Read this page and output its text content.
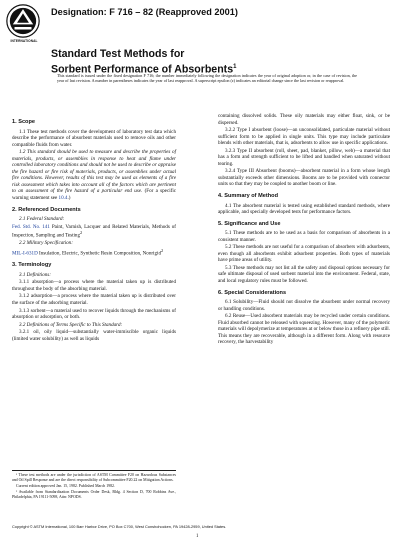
INTERNATIONAL
Designation: F 716 – 82 (Reapproved 2001)
Standard Test Methods for
Sorbent Performance of Absorbents$^1$
This standard is issued under the fixed designation F 716; the number immediately following the designation indicates the year of original adoption or, in the case of revision, the year of last revision. A number in parentheses indicates the year of last reapproval. A superscript epsilon (ε) indicates an editorial change since the last revision or reapproval.
1. Scope

1.1 These test methods cover the development of laboratory test data which describe the performance of absorbent materials used to remove oils and other compatible fluids from water.

1.2 This standard should be used to measure and describe the properties of materials, products, or assemblies in response to heat and flame under controlled laboratory conditions and should not be used to describe or appraise the fire hazard or fire risk of materials, products, or assemblies under actual fire conditions. However, results of this test may be used as elements of a fire risk assessment which takes into account all of the factors which are pertinent to an assessment of the fire hazard of a particular end use. (For a specific warning statement see 10.4.)

2. Referenced Documents

2.1 Federal Standard:

Fed. Std. No. 141 Paint, Varnish, Lacquer and Related Materials, Methods of Inspection, Sampling and Testing$^2$

2.2 Military Specification:

MIL-I-631D Insulation, Electric, Synthetic Resin Composition, Nonrigid$^2$

3. Terminology

3.1 Definitions:

3.1.1 absorption—a process where the material taken up is distributed throughout the body of the absorbing material.

3.1.2 adsorption—a process where the material taken up is distributed over the surface of the adsorbing material.

3.1.3 sorbent—a material used to recover liquids through the mechanisms of absorption or adsorption, or both.

3.2 Definitions of Terms Specific to This Standard:

3.2.1 oil, oily liquid—substantially water-immiscible organic liquids (limited water solubility) as well as liquids

¹ These test methods are under the jurisdiction of ASTM Committee F20 on Hazardous Substances and Oil Spill Response and are the direct responsibility of Subcommittee F20.22 on Mitigation Actions.

Current edition approved Jan. 15, 1982. Published March 1982.

² Available from Standardization Documents Order Desk, Bldg. 4 Section D, 700 Robbins Ave., Philadelphia, PA 19111-5098, Attn: NPODS.

containing dissolved solids. These oily materials may either float, sink, or be dispersed.

3.2.2 Type I absorbent (loose)—an unconsolidated, particulate material without sufficient form to be applied in single units. This type may include particulate blends with other materials, that is, adsorbents to allow use in specific applications.

3.2.3 Type II absorbent (roll, sheet, pad, blanket, pillow, web)—a material that has a form and strength sufficient to be lifted and handled when saturated without tearing.

3.2.4 Type III Absorbent (booms)—absorbent material in a form whose length substantially exceeds other dimensions. Booms are to be provided with connector units so that they may be coupled to another boom or line.

4. Summary of Method

4.1 The absorbent material is tested using established standard methods, where applicable, and specially developed tests for performance factors.

5. Significance and Use

5.1 These methods are to be used as a basis for comparison of absorbents in a consistent manner.

5.2 These methods are not useful for a comparison of absorbers with adsorbents, even though all absorbents exhibit adsorbent properties. Both types of materials have prime areas of utility.

5.3 These methods may not list all the safety and disposal options necessary for safe ultimate disposal of used sorbent material into the environment. Federal, state, and local regulatory rules must be followed.

6. Special Considerations

6.1 Solubility—Fluid should not dissolve the absorbent under normal recovery or handling conditions.

6.2 Reuse—Used absorbent materials may be recycled under certain conditions. Fluid absorbed cannot be released with squeezing. However, many of the polymeric materials will depolymerize at temperatures at or below those in a refinery pipe still. This means they are recoverable, although in a different form. Along with resource recovery, the harvestability

Copyright © ASTM International, 100 Barr Harbor Drive, PO Box C700, West Conshohocken, PA 19428-2959, United States.
1
